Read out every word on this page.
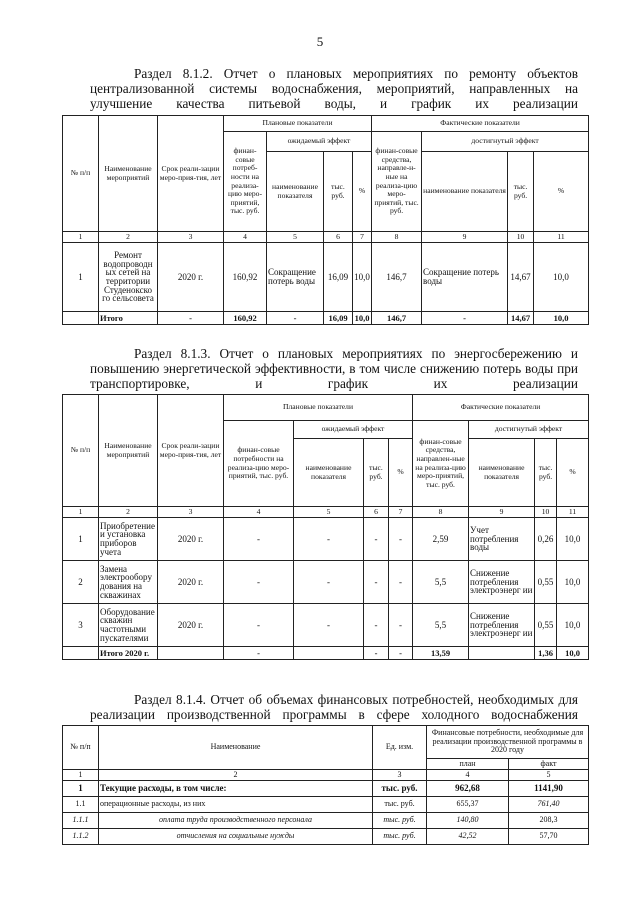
5
Раздел 8.1.2. Отчет о плановых мероприятиях по ремонту объектов централизованной системы водоснабжения, мероприятий, направленных на улучшение качества питьевой воды, и график их реализации
№ п/п	Наименование мероприятий	Срок реали-зации меро-прия-тия, лет	Плановые показатели				Фактические показатели			
			финан-совые потреб-ности на реализа-цию меро-приятий, тыс. руб.	ожидаемый эффект			финан-совые средства, направле-н-ные на реализа-цию меро-приятий, тыс. руб.	достигнутый эффект		
				наименование показателя	тыс. руб.	%		наименование показателя	тыс. руб.	%
1	2	3	4	5	6	7	8	9	10	11
1	Ремонт водопроводн ых сетей на территории Студенокско го сельсовета	2020 г.	160,92	Сокращение потерь воды	16,09	10,0	146,7	Сокращение потерь воды	14,67	10,0
	Итого	-	160,92	-	16,09	10,0	146,7	-	14,67	10,0
Раздел 8.1.3. Отчет о плановых мероприятиях по энергосбережению и повышению энергетической эффективности, в том числе снижению потерь воды при транспортировке, и график их реализации
№ п/п	Наименование мероприятий	Срок реали-зации меро-прия-тия, лет	Плановые показатели				Фактические показатели			
			финан-совые потребности на реализа-цию меро-приятий, тыс. руб.	ожидаемый эффект			финан-совые средства, направлен-ные на реализа-цию меро-приятий, тыс. руб.	достигнутый эффект		
				наименование показателя	тыс. руб.	%		наименование показателя	тыс. руб.	%
1	2	3	4	5	6	7	8	9	10	11
1	Приобретение и установка приборов учета	2020 г.	-	-	-	-	2,59	Учет потребления воды	0,26	10,0
2	Замена электрообору дования на скважинах	2020 г.	-	-	-	-	5,5	Снижение потребления электроэнерг ии	0,55	10,0
3	Оборудование скважин частотными пускателями	2020 г.	-	-	-	-	5,5	Снижение потребления электроэнерг ии	0,55	10,0
	Итого 2020 г.		-		-	-	13,59		1,36	10,0
Раздел 8.1.4. Отчет об объемах финансовых потребностей, необходимых для реализации производственной программы в сфере холодного водоснабжения
№ п/п	Наименование	Ед. изм.	Финансовые потребности, необходимые для реализации производственной программы в 2020 году	
			план	факт
1	2	3	4	5
1	Текущие расходы, в том числе:	тыс. руб.	962,68	1141,90
1.1	операционные расходы, из них	тыс. руб.	655,37	761,40
1.1.1	оплата труда производственного персонала	тыс. руб.	140,80	208,3
1.1.2	отчисления на социальные нужды	тыс. руб.	42,52	57,70
